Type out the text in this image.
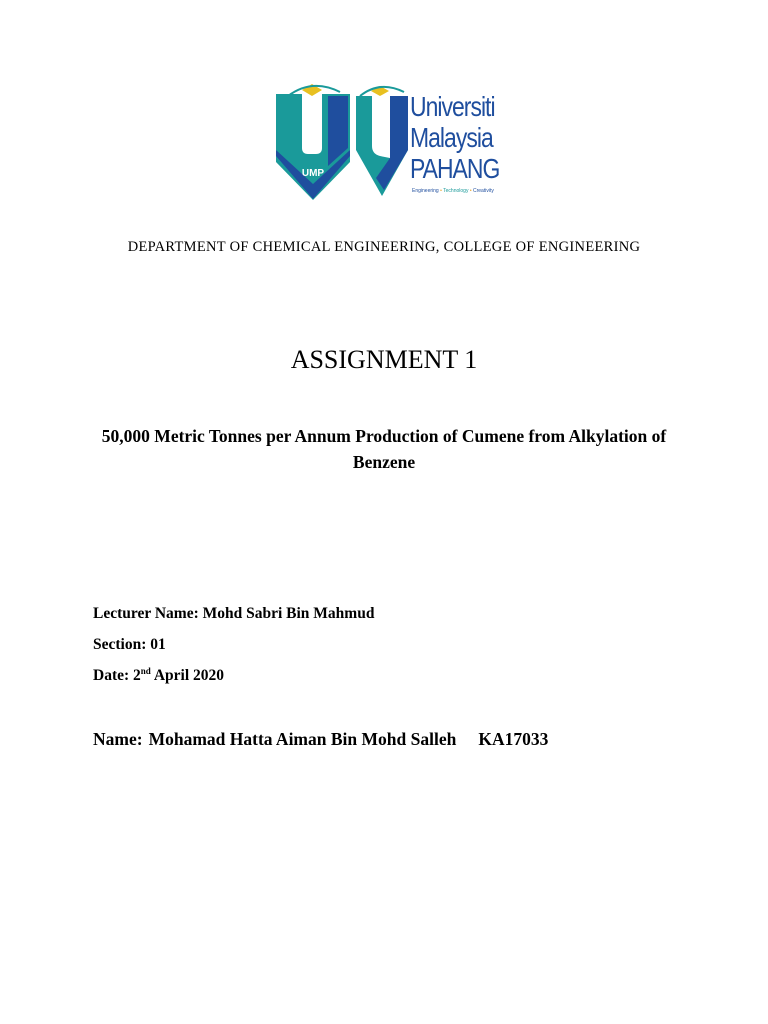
UMP
Universiti
Malaysia
PAHANG
Engineering • Technology • Creativity
DEPARTMENT OF CHEMICAL ENGINEERING, COLLEGE OF ENGINEERING
ASSIGNMENT 1
50,000 Metric Tonnes per Annum Production of Cumene from Alkylation of Benzene
Lecturer Name: Mohd Sabri Bin Mahmud
Section: 01
Date: 2nd April 2020
Name: Mohamad Hatta Aiman Bin Mohd Salleh KA17033
